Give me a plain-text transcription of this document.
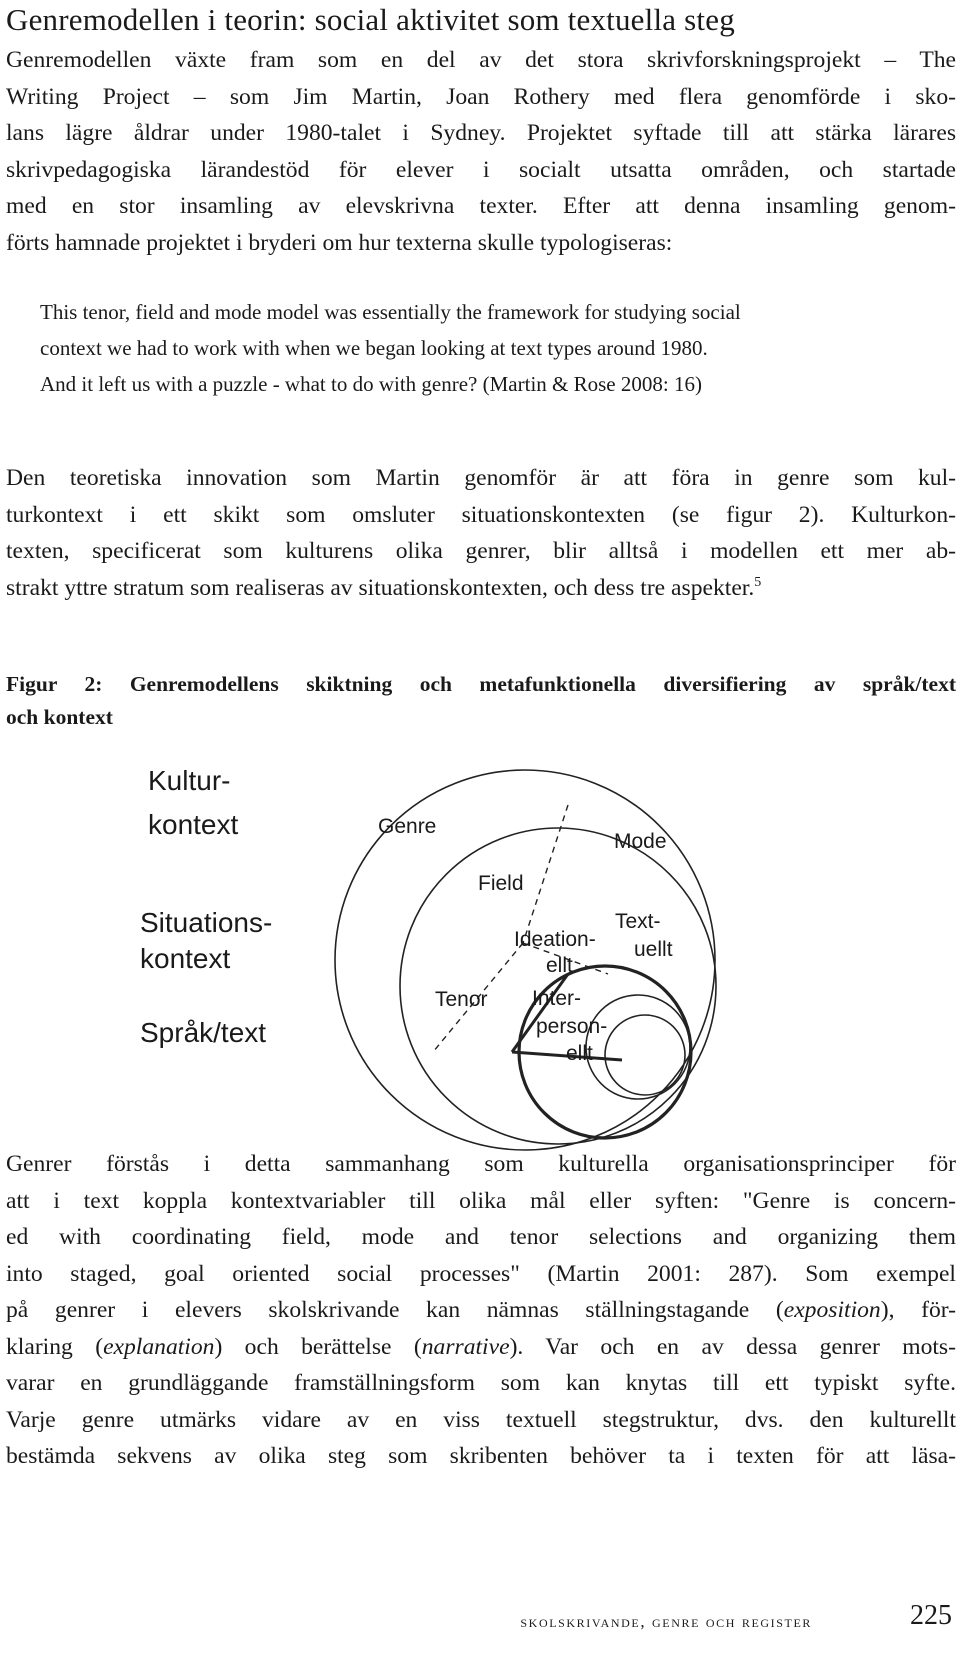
Genremodellen i teorin: social aktivitet som textuella steg
Genremodellen växte fram som en del av det stora skrivforskningsprojekt – The
Writing Project – som Jim Martin, Joan Rothery med flera genomförde i sko-
lans lägre åldrar under 1980-talet i Sydney. Projektet syftade till att stärka lärares
skrivpedagogiska lärandestöd för elever i socialt utsatta områden, och startade
med en stor insamling av elevskrivna texter. Efter att denna insamling genom-
förts hamnade projektet i bryderi om hur texterna skulle typologiseras:
This tenor, field and mode model was essentially the framework for studying social
context we had to work with when we began looking at text types around 1980.
And it left us with a puzzle - what to do with genre? (Martin & Rose 2008: 16)
Den teoretiska innovation som Martin genomför är att föra in genre som kul-
turkontext i ett skikt som omsluter situationskontexten (se figur 2). Kulturkon-
texten, specificerat som kulturens olika genrer, blir alltså i modellen ett mer ab-
strakt yttre stratum som realiseras av situationskontexten, och dess tre aspekter.$^5$
Figur 2: Genremodellens skiktning och metafunktionella diversifiering av språk/text
och kontext
Kultur-
kontext
Situations-
kontext
Språk/text
Genre
Mode
Field
Tenor
Text-
uellt
Ideation-
ellt
Inter-
person-
ellt
Genrer förstås i detta sammanhang som kulturella organisationsprinciper för
att i text koppla kontextvariabler till olika mål eller syften: "Genre is concern-
ed with coordinating field, mode and tenor selections and organizing them
into staged, goal oriented social processes" (Martin 2001: 287). Som exempel
på genrer i elevers skolskrivande kan nämnas ställningstagande (exposition), för-
klaring (explanation) och berättelse (narrative). Var och en av dessa genrer mots-
varar en grundläggande framställningsform som kan knytas till ett typiskt syfte.
Varje genre utmärks vidare av en viss textuell stegstruktur, dvs. den kulturellt
bestämda sekvens av olika steg som skribenten behöver ta i texten för att läsa-
skolskrivande, genre och register	225
